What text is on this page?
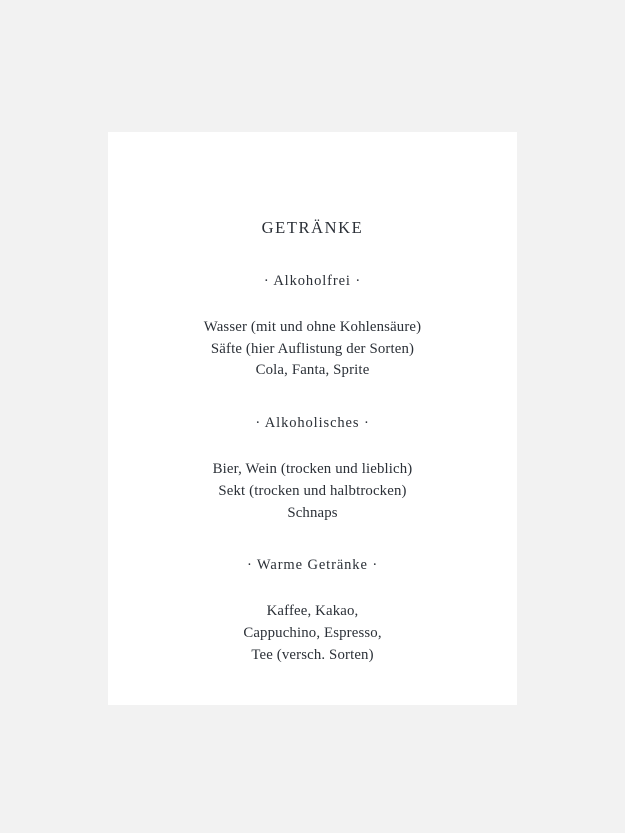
GETRÄNKE
· Alkoholfrei ·
Wasser (mit und ohne Kohlensäure)
Säfte (hier Auflistung der Sorten)
Cola, Fanta, Sprite
· Alkoholisches ·
Bier, Wein (trocken und lieblich)
Sekt (trocken und halbtrocken)
Schnaps
· Warme Getränke ·
Kaffee, Kakao,
Cappuchino, Espresso,
Tee (versch. Sorten)
